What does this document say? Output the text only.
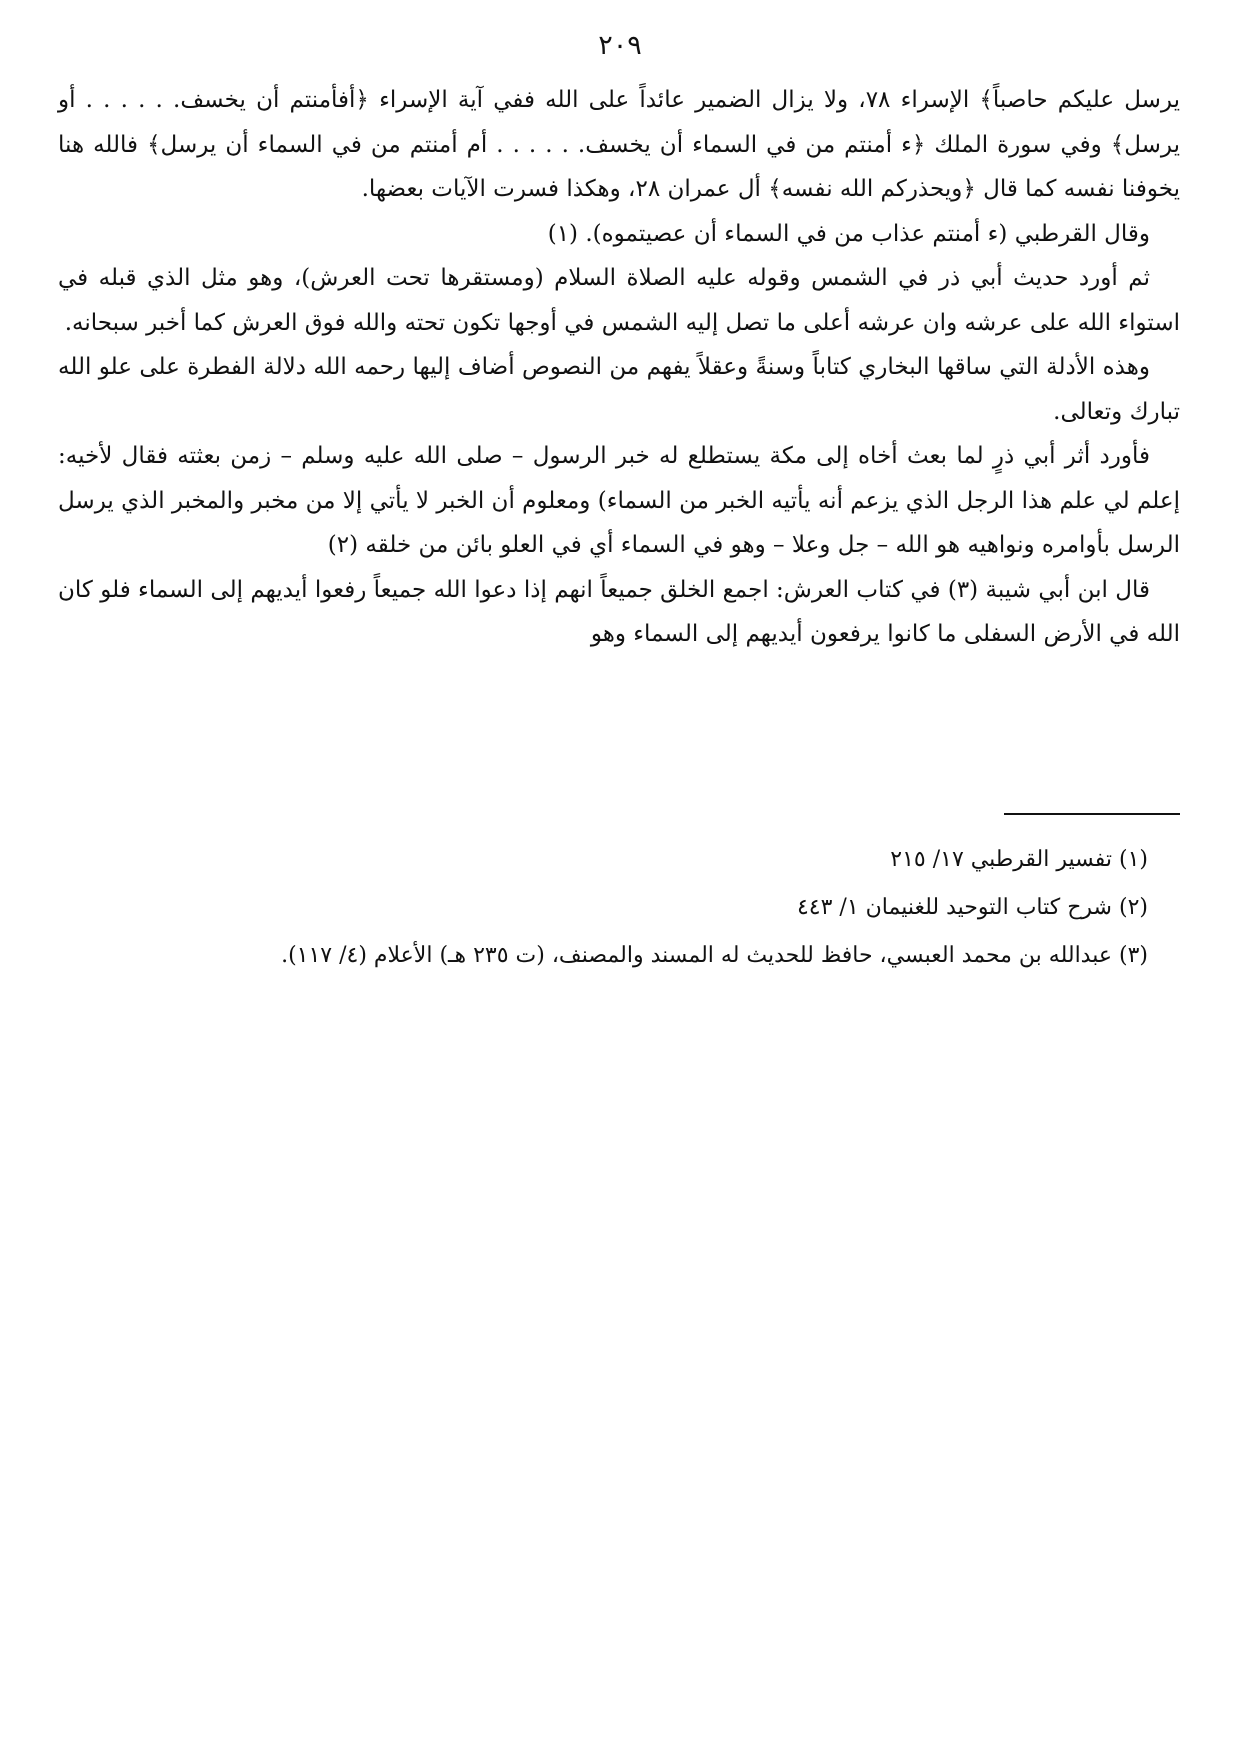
٢٠٩

يرسل عليكم حاصباً﴾ الإسراء ٧٨، ولا يزال الضمير عائداً على الله ففي آية الإسراء ﴿أفأمنتم أن يخسف. . . . . . أو يرسل﴾ وفي سورة الملك ﴿ء أمنتم من في السماء أن يخسف. . . . . . أم أمنتم من في السماء أن يرسل﴾ فالله هنا يخوفنا نفسه كما قال ﴿ويحذركم الله نفسه﴾ أل عمران ٢٨، وهكذا فسرت الآيات بعضها.

وقال القرطبي (ء أمنتم عذاب من في السماء أن عصيتموه). (١)

ثم أورد حديث أبي ذر في الشمس وقوله عليه الصلاة السلام (ومستقرها تحت العرش)، وهو مثل الذي قبله في استواء الله على عرشه وان عرشه أعلى ما تصل إليه الشمس في أوجها تكون تحته والله فوق العرش كما أخبر سبحانه.

وهذه الأدلة التي ساقها البخاري كتاباً وسنةً وعقلاً يفهم من النصوص أضاف إليها رحمه الله دلالة الفطرة على علو الله تبارك وتعالى.

فأورد أثر أبي ذرٍ لما بعث أخاه إلى مكة يستطلع له خبر الرسول – صلى الله عليه وسلم – زمن بعثته فقال لأخيه: إعلم لي علم هذا الرجل الذي يزعم أنه يأتيه الخبر من السماء) ومعلوم أن الخبر لا يأتي إلا من مخبر والمخبر الذي يرسل الرسل بأوامره ونواهيه هو الله – جل وعلا – وهو في السماء أي في العلو بائن من خلقه (٢)

قال ابن أبي شيبة (٣) في كتاب العرش: اجمع الخلق جميعاً انهم إذا دعوا الله جميعاً رفعوا أيديهم إلى السماء فلو كان الله في الأرض السفلى ما كانوا يرفعون أيديهم إلى السماء وهو

(١) تفسير القرطبي ١٧/ ٢١٥

(٢) شرح كتاب التوحيد للغنيمان ١/ ٤٤٣

(٣) عبدالله بن محمد العبسي، حافظ للحديث له المسند والمصنف، (ت ٢٣٥ هـ) الأعلام (٤/ ١١٧).
